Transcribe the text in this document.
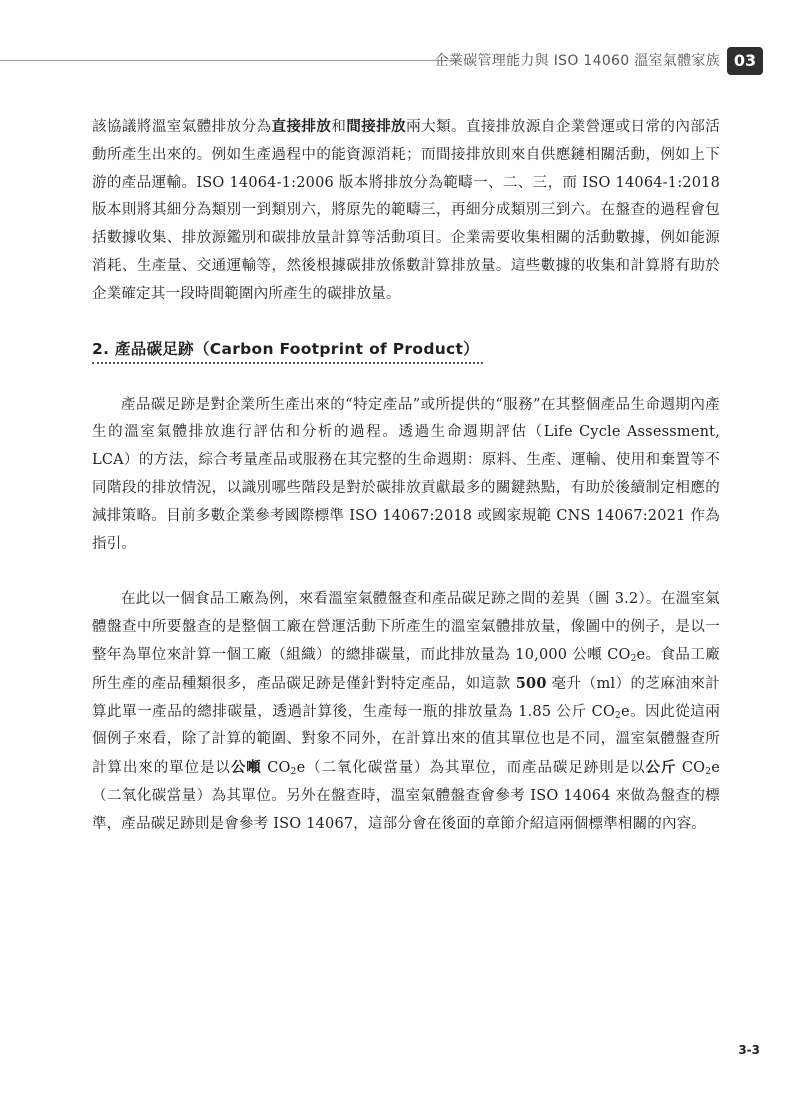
企業碳管理能力與 ISO 14060 溫室氣體家族 03

該協議將溫室氣體排放分為直接排放和間接排放兩大類。直接排放源自企業營運或日常的內部活動所產生出來的。例如生產過程中的能資源消耗；而間接排放則來自供應鏈相關活動，例如上下游的產品運輸。ISO 14064-1:2006 版本將排放分為範疇一、二、三，而 ISO 14064-1:2018 版本則將其細分為類別一到類別六，將原先的範疇三，再細分成類別三到六。在盤查的過程會包括數據收集、排放源鑑別和碳排放量計算等活動項目。企業需要收集相關的活動數據，例如能源消耗、生產量、交通運輸等，然後根據碳排放係數計算排放量。這些數據的收集和計算將有助於企業確定其一段時間範圍內所產生的碳排放量。

2. 產品碳足跡（Carbon Footprint of Product）

產品碳足跡是對企業所生產出來的“特定產品”或所提供的“服務”在其整個產品生命週期內產生的溫室氣體排放進行評估和分析的過程。透過生命週期評估（Life Cycle Assessment, LCA）的方法，綜合考量產品或服務在其完整的生命週期：原料、生產、運輸、使用和棄置等不同階段的排放情況，以識別哪些階段是對於碳排放貢獻最多的關鍵熱點，有助於後續制定相應的減排策略。目前多數企業參考國際標準 ISO 14067:2018 或國家規範 CNS 14067:2021 作為指引。

在此以一個食品工廠為例，來看溫室氣體盤查和產品碳足跡之間的差異（圖 3.2）。在溫室氣體盤查中所要盤查的是整個工廠在營運活動下所產生的溫室氣體排放量，像圖中的例子，是以一整年為單位來計算一個工廠（組織）的總排碳量，而此排放量為 10,000 公噸 $CO_2e$。食品工廠所生產的產品種類很多，產品碳足跡是僅針對特定產品，如這款 500 毫升（ml）的芝麻油來計算此單一產品的總排碳量，透過計算後，生產每一瓶的排放量為 1.85 公斤 $CO_2e$。因此從這兩個例子來看，除了計算的範圍、對象不同外，在計算出來的值其單位也是不同，溫室氣體盤查所計算出來的單位是以公噸 $CO_2e$（二氧化碳當量）為其單位，而產品碳足跡則是以公斤 $CO_2e$（二氧化碳當量）為其單位。另外在盤查時，溫室氣體盤查會參考 ISO 14064 來做為盤查的標準，產品碳足跡則是會參考 ISO 14067，這部分會在後面的章節介紹這兩個標準相關的內容。

3-3
